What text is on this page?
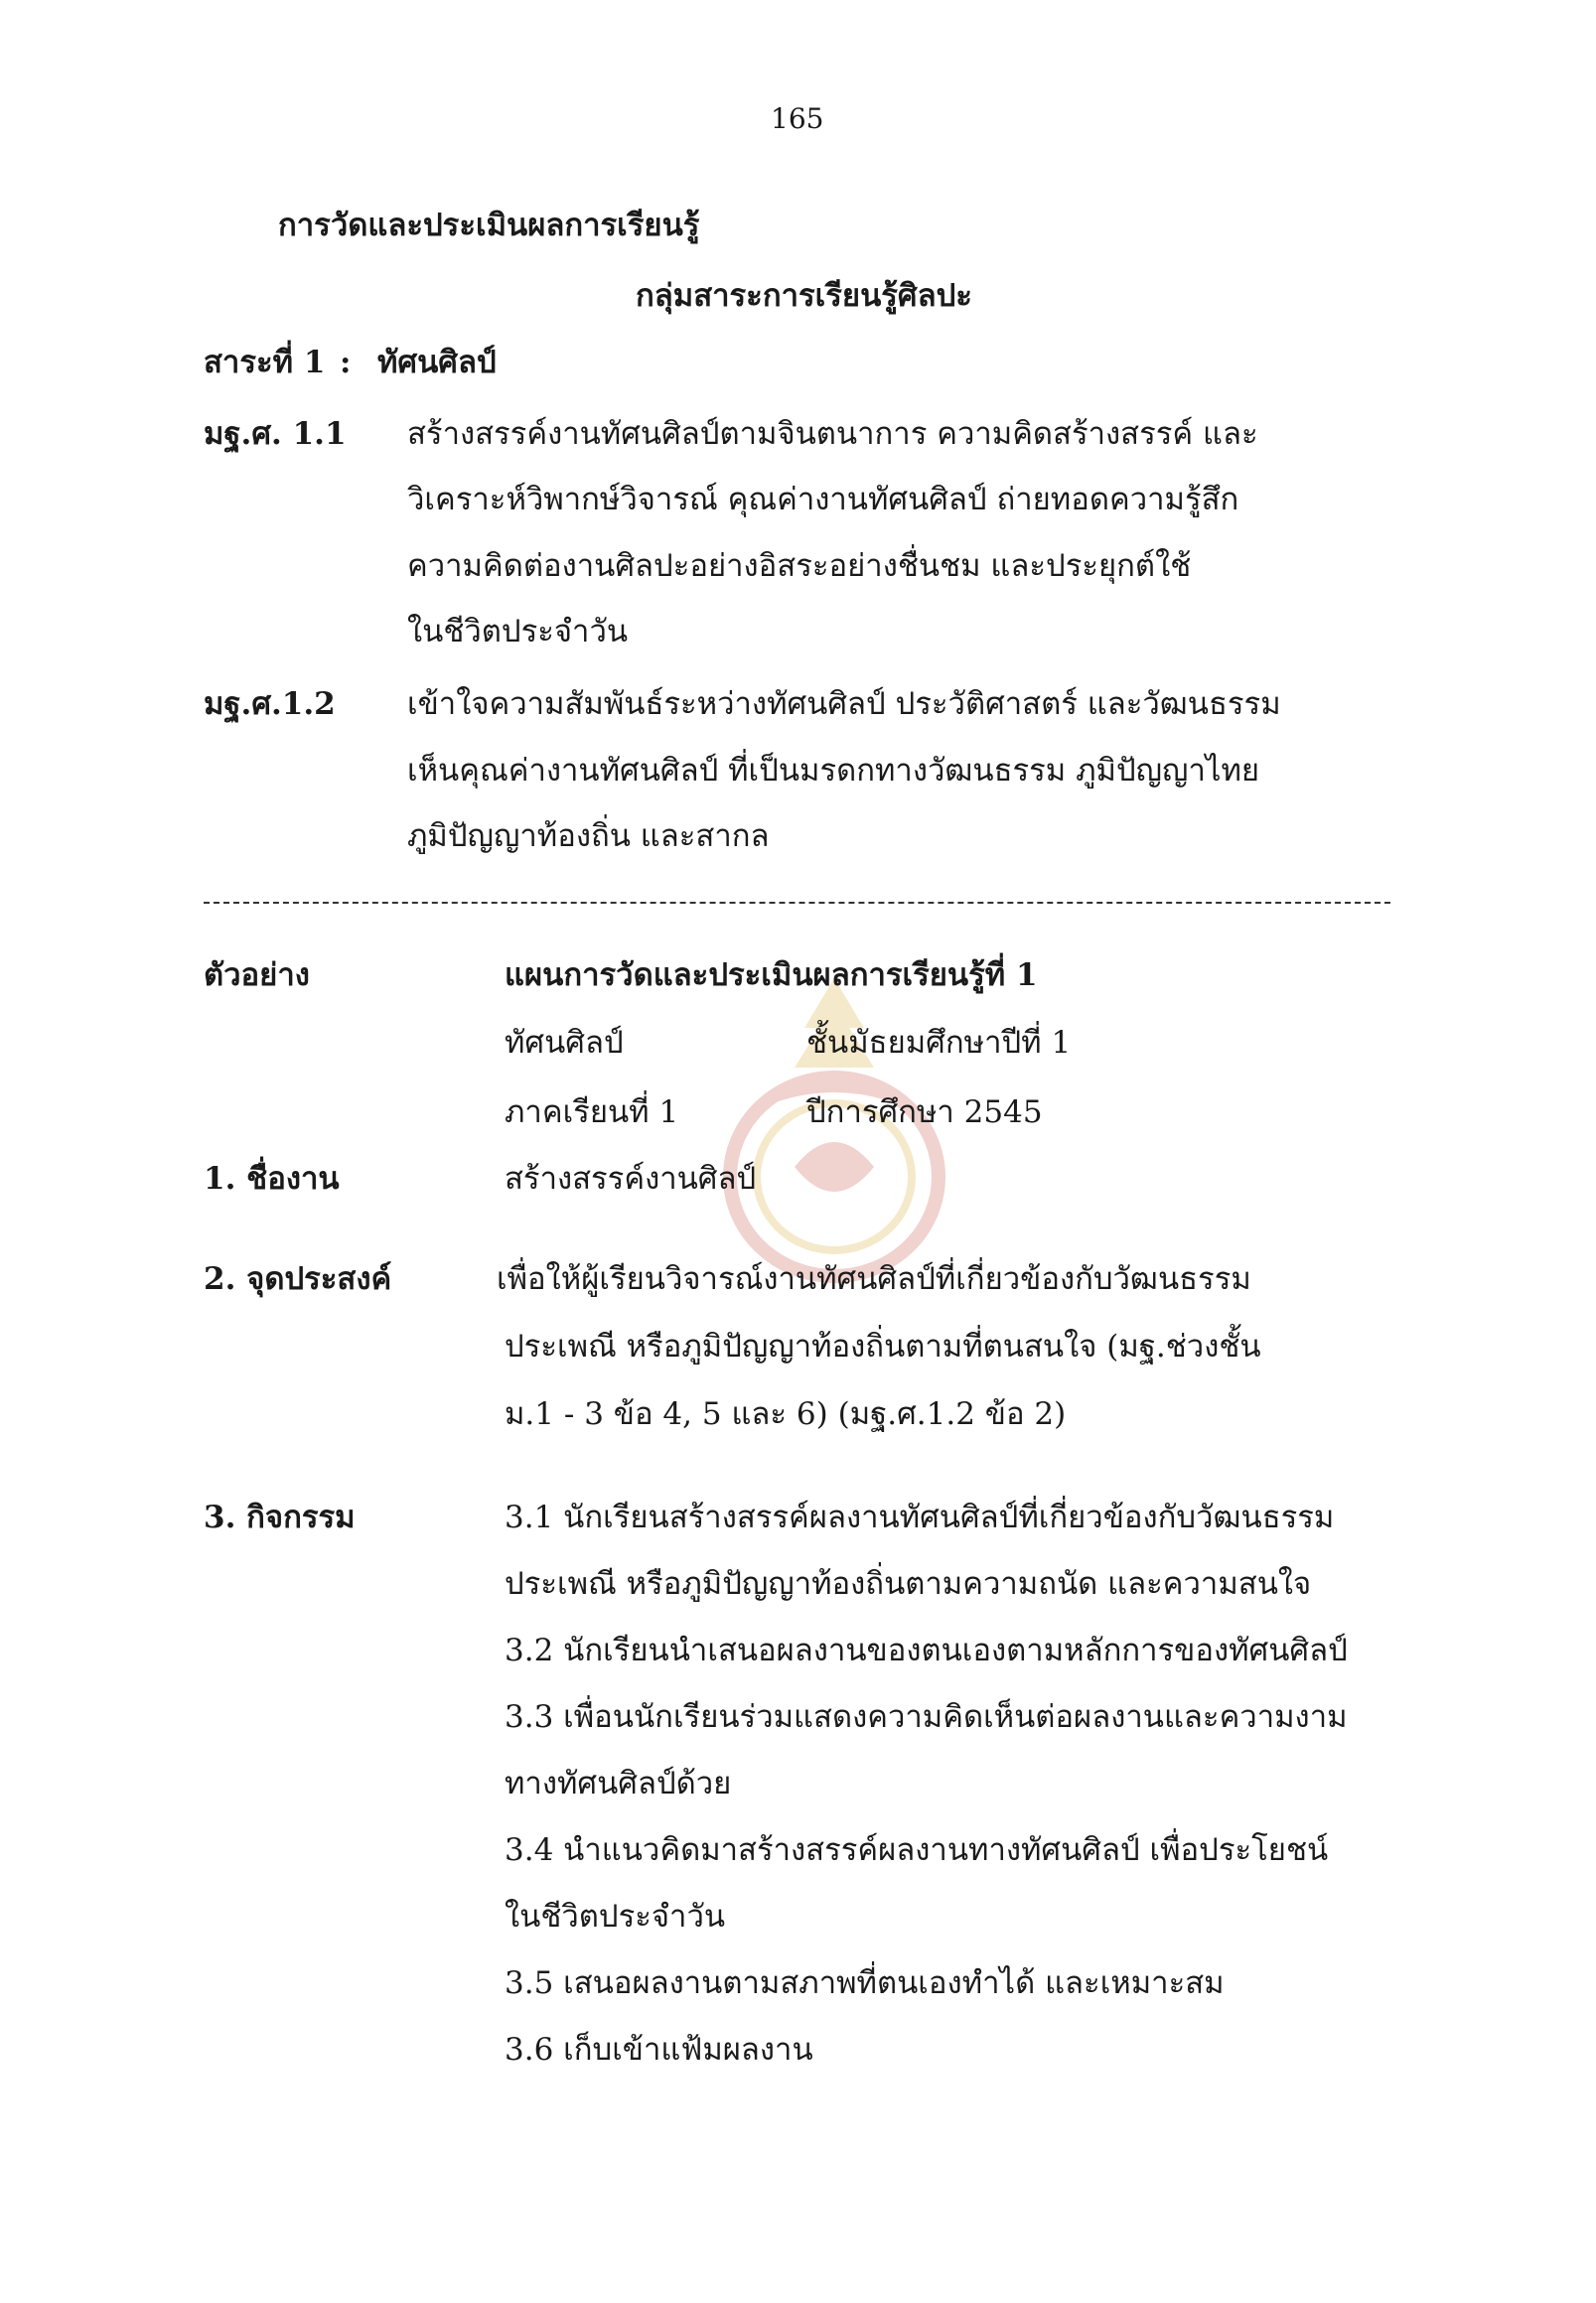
165
การวัดและประเมินผลการเรียนรู้
กลุ่มสาระการเรียนรู้ศิลปะ
สาระที่ 1 : ทัศนศิลป์
มฐ.ศ. 1.1 สร้างสรรค์งานทัศนศิลป์ตามจินตนาการ ความคิดสร้างสรรค์ และ
วิเคราะห์วิพากษ์วิจารณ์ คุณค่างานทัศนศิลป์ ถ่ายทอดความรู้สึก
ความคิดต่องานศิลปะอย่างอิสระอย่างชื่นชม และประยุกต์ใช้
ในชีวิตประจำวัน
มฐ.ศ.1.2 เข้าใจความสัมพันธ์ระหว่างทัศนศิลป์ ประวัติศาสตร์ และวัฒนธรรม
เห็นคุณค่างานทัศนศิลป์ ที่เป็นมรดกทางวัฒนธรรม ภูมิปัญญาไทย
ภูมิปัญญาท้องถิ่น และสากล
ตัวอย่าง	แผนการวัดและประเมินผลการเรียนรู้ที่ 1
ทัศนศิลป์	ชั้นมัธยมศึกษาปีที่ 1
ภาคเรียนที่ 1	ปีการศึกษา 2545
1. ชื่องาน	สร้างสรรค์งานศิลป์
2. จุดประสงค์	เพื่อให้ผู้เรียนวิจารณ์งานทัศนศิลป์ที่เกี่ยวข้องกับวัฒนธรรม
ประเพณี หรือภูมิปัญญาท้องถิ่นตามที่ตนสนใจ (มฐ.ช่วงชั้น
ม.1 - 3 ข้อ 4, 5 และ 6) (มฐ.ศ.1.2 ข้อ 2)
3. กิจกรรม	3.1 นักเรียนสร้างสรรค์ผลงานทัศนศิลป์ที่เกี่ยวข้องกับวัฒนธรรม
ประเพณี หรือภูมิปัญญาท้องถิ่นตามความถนัด และความสนใจ
3.2 นักเรียนนำเสนอผลงานของตนเองตามหลักการของทัศนศิลป์
3.3 เพื่อนนักเรียนร่วมแสดงความคิดเห็นต่อผลงานและความงาม
ทางทัศนศิลป์ด้วย
3.4 นำแนวคิดมาสร้างสรรค์ผลงานทางทัศนศิลป์ เพื่อประโยชน์
ในชีวิตประจำวัน
3.5 เสนอผลงานตามสภาพที่ตนเองทำได้ และเหมาะสม
3.6 เก็บเข้าแฟ้มผลงาน
